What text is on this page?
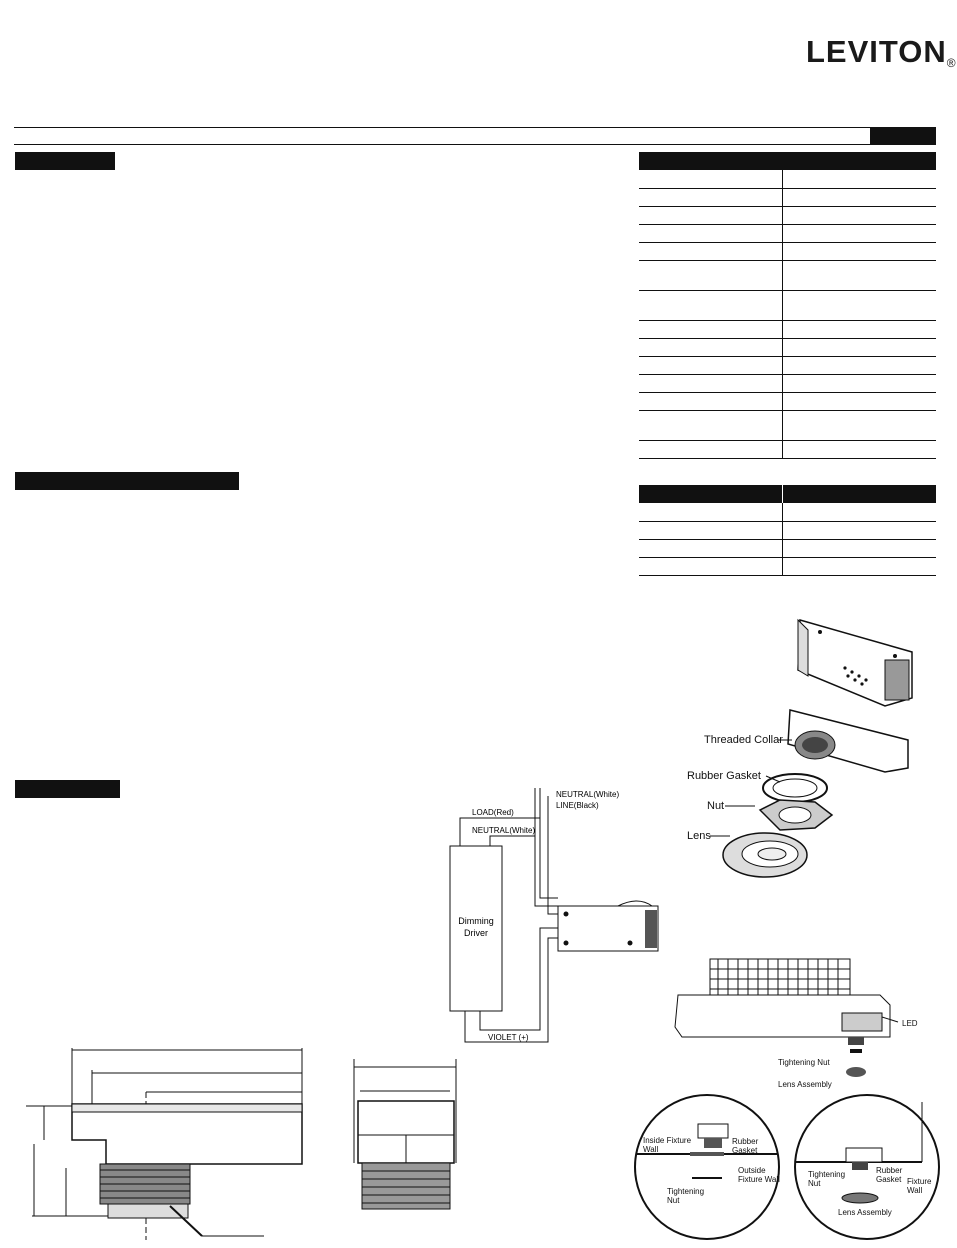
LEVITON®

Threaded Collar
Rubber Gasket
Nut
Lens
NEUTRAL(White)
LINE(Black)
LOAD(Red)
NEUTRAL(White)
Dimming
Driver
VIOLET (+)
LED
Tightening Nut
Lens Assembly
Inside Fixture
Wall
Rubber
Gasket
Outside
Fixture Wall
Tightening
Nut
Tightening
Nut
Rubber
Gasket Fixture
Wall
Lens Assembly
